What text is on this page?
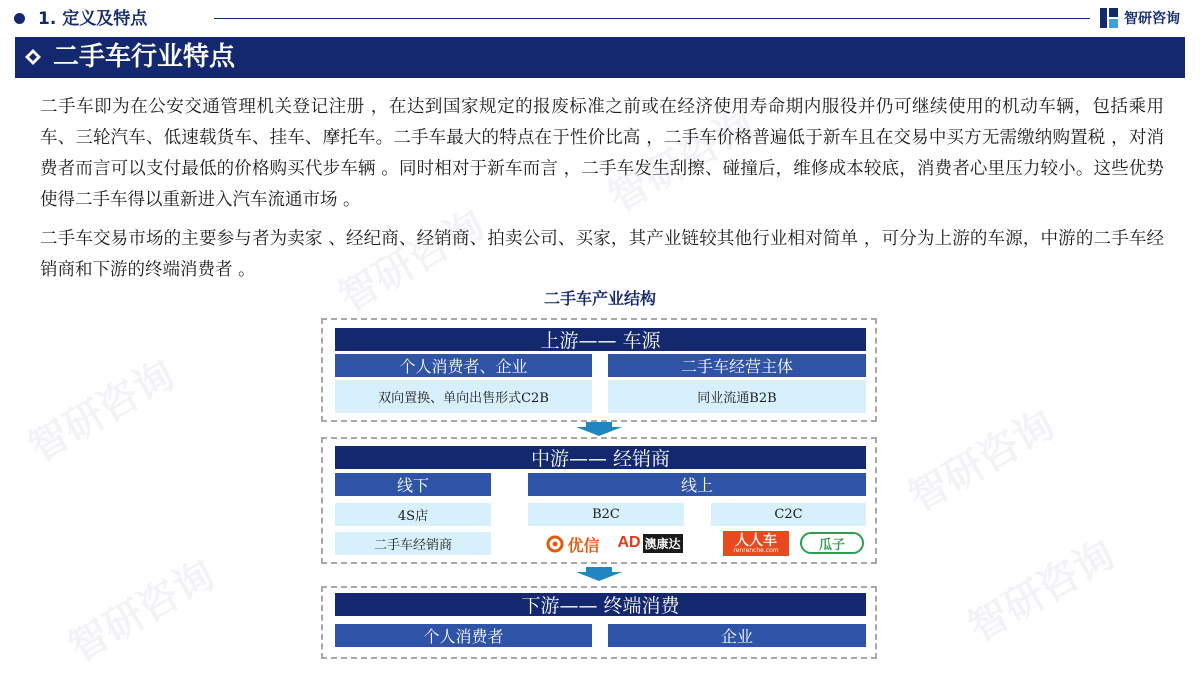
智研咨询
智研咨询
智研咨询
智研咨询
智研咨询
智研咨询
1. 定义及特点	智研咨询
二手车行业特点
二手车即为在公安交通管理机关登记注册 ，在达到国家规定的报废标准之前或在经济使用寿命期内服役并仍可继续使用的机动车辆，包括乘用车、三轮汽车、低速载货车、挂车、摩托车。二手车最大的特点在于性价比高 ，二手车价格普遍低于新车且在交易中买方无需缴纳购置税 ，对消费者而言可以支付最低的价格购买代步车辆 。同时相对于新车而言 ，二手车发生刮擦、碰撞后，维修成本较底，消费者心里压力较小。这些优势使得二手车得以重新进入汽车流通市场 。
二手车交易市场的主要参与者为卖家 、经纪商、经销商、拍卖公司、买家，其产业链较其他行业相对简单 ，可分为上游的车源，中游的二手车经销商和下游的终端消费者 。
二手车产业结构
上游—— 车源
个人消费者、企业	二手车经营主体
双向置换、单向出售形式C2B	同业流通B2B
中游—— 经销商
线下	线上
4S店	B2C	C2C
二手车经销商	优信 AD 澳康达	人人车
renrenche.com	瓜子
下游—— 终端消费
个人消费者	企业
